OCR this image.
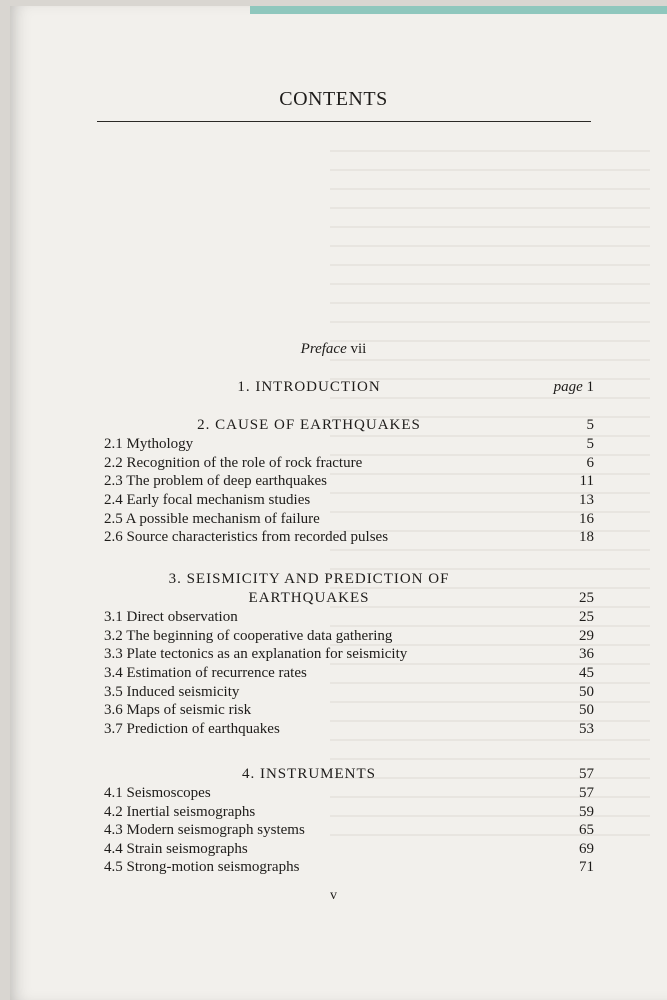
CONTENTS
Preface vii
1. INTRODUCTION	page 1
2. CAUSE OF EARTHQUAKES	5
2.1 Mythology	5
2.2 Recognition of the role of rock fracture	6
2.3 The problem of deep earthquakes	11
2.4 Early focal mechanism studies	13
2.5 A possible mechanism of failure	16
2.6 Source characteristics from recorded pulses	18
3. SEISMICITY AND PREDICTION OF
EARTHQUAKES	25
3.1 Direct observation	25
3.2 The beginning of cooperative data gathering	29
3.3 Plate tectonics as an explanation for seismicity	36
3.4 Estimation of recurrence rates	45
3.5 Induced seismicity	50
3.6 Maps of seismic risk	50
3.7 Prediction of earthquakes	53
4. INSTRUMENTS	57
4.1 Seismoscopes	57
4.2 Inertial seismographs	59
4.3 Modern seismograph systems	65
4.4 Strain seismographs	69
4.5 Strong-motion seismographs	71
v
